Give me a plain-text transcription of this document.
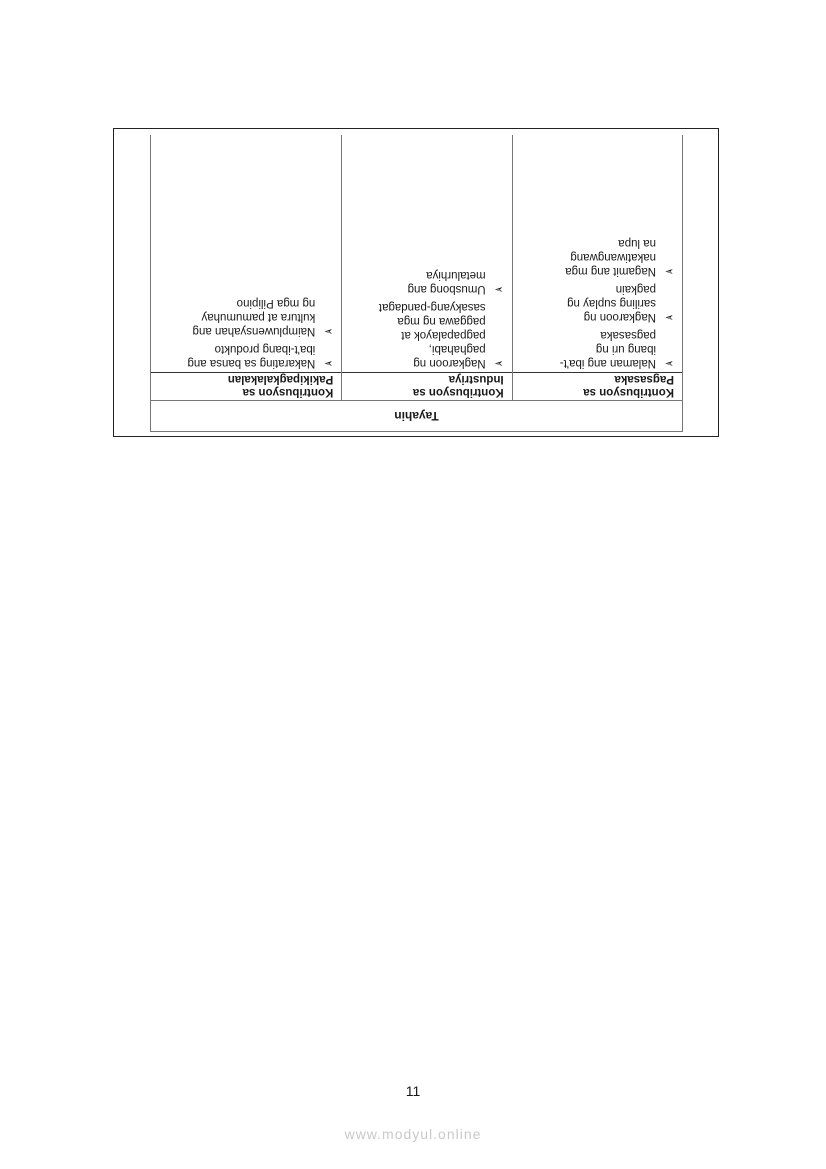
Tayahin
Kontribusyon sa
Pagsasaka
➢
Nalaman ang iba't-
ibang uri ng
pagsasaka
➢
Nagkaroon ng
sariling suplay ng
pagkain
➢
Nagamit ang mga
nakatiwangwang
na lupa
Kontribusyon sa
Industriya
➢
Nagkaroon ng
paghahabi,
pagpapalayok at
paggawa ng mga
sasakyang-pandagat
➢
Umusbong ang
metalurhiya
Kontribusyon sa
Pakikipagkalakalan
➢
Nakarating sa bansa ang
iba't-ibang produkto
➢
Naimpluwensyahan ang
kultura at pamumuhay
ng mga Pilipino
11
www.modyul.online
